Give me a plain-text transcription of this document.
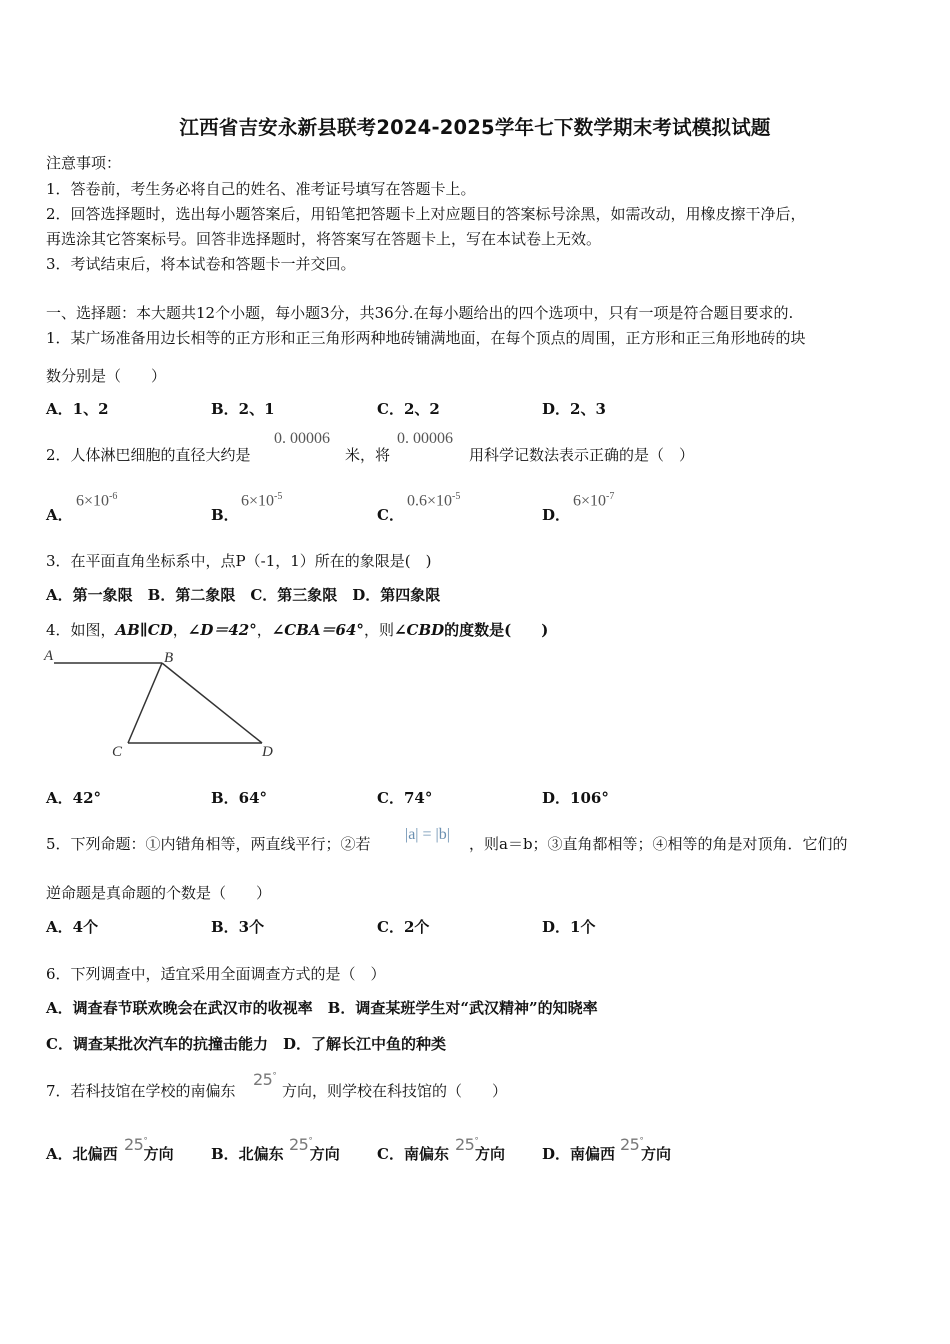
江西省吉安永新县联考2024-2025学年七下数学期末考试模拟试题
注意事项：
1．答卷前，考生务必将自己的姓名、准考证号填写在答题卡上。
2．回答选择题时，选出每小题答案后，用铅笔把答题卡上对应题目的答案标号涂黑，如需改动，用橡皮擦干净后，
再选涂其它答案标号。回答非选择题时，将答案写在答题卡上，写在本试卷上无效。
3．考试结束后，将本试卷和答题卡一并交回。
一、选择题：本大题共12个小题，每小题3分，共36分.在每小题给出的四个选项中，只有一项是符合题目要求的.
1．某广场准备用边长相等的正方形和正三角形两种地砖铺满地面，在每个顶点的周围，正方形和正三角形地砖的块
数分别是（　　）
A．1、2	B．2、1	C．2、2	D．2、3
2．人体淋巴细胞的直径大约是
0. 00006
米，将
0. 00006
用科学记数法表示正确的是（　）
A．
$6\times 10^{-6}$
B．
$6\times 10^{-5}$
C．
$0.6\times 10^{-5}$
D．
$6\times 10^{-7}$
3．在平面直角坐标系中，点P（-1，1）所在的象限是(　)
A．第一象限　B．第二象限　C．第三象限　D．第四象限
4．如图，AB∥CD，∠D＝42°，∠CBA＝64°，则∠CBD的度数是(　　)
A	B
C	D
A．42°	B．64°	C．74°	D．106°
5．下列命题：①内错角相等，两直线平行；②若
|a| = |b|
，则a＝b；③直角都相等；④相等的角是对顶角．它们的
逆命题是真命题的个数是（　　）
A．4个	B．3个	C．2个	D．1个
6．下列调查中，适宜采用全面调查方式的是（　）
A．调查春节联欢晚会在武汉市的收视率　B．调查某班学生对“武汉精神”的知晓率
C．调查某批次汽车的抗撞击能力　D．了解长江中鱼的种类
7．若科技馆在学校的南偏东
25°
方向，则学校在科技馆的（　　）
A．北偏西 方向
25°
B．北偏东 方向
25°
C．南偏东 方向
25°
D．南偏西 方向
25°
